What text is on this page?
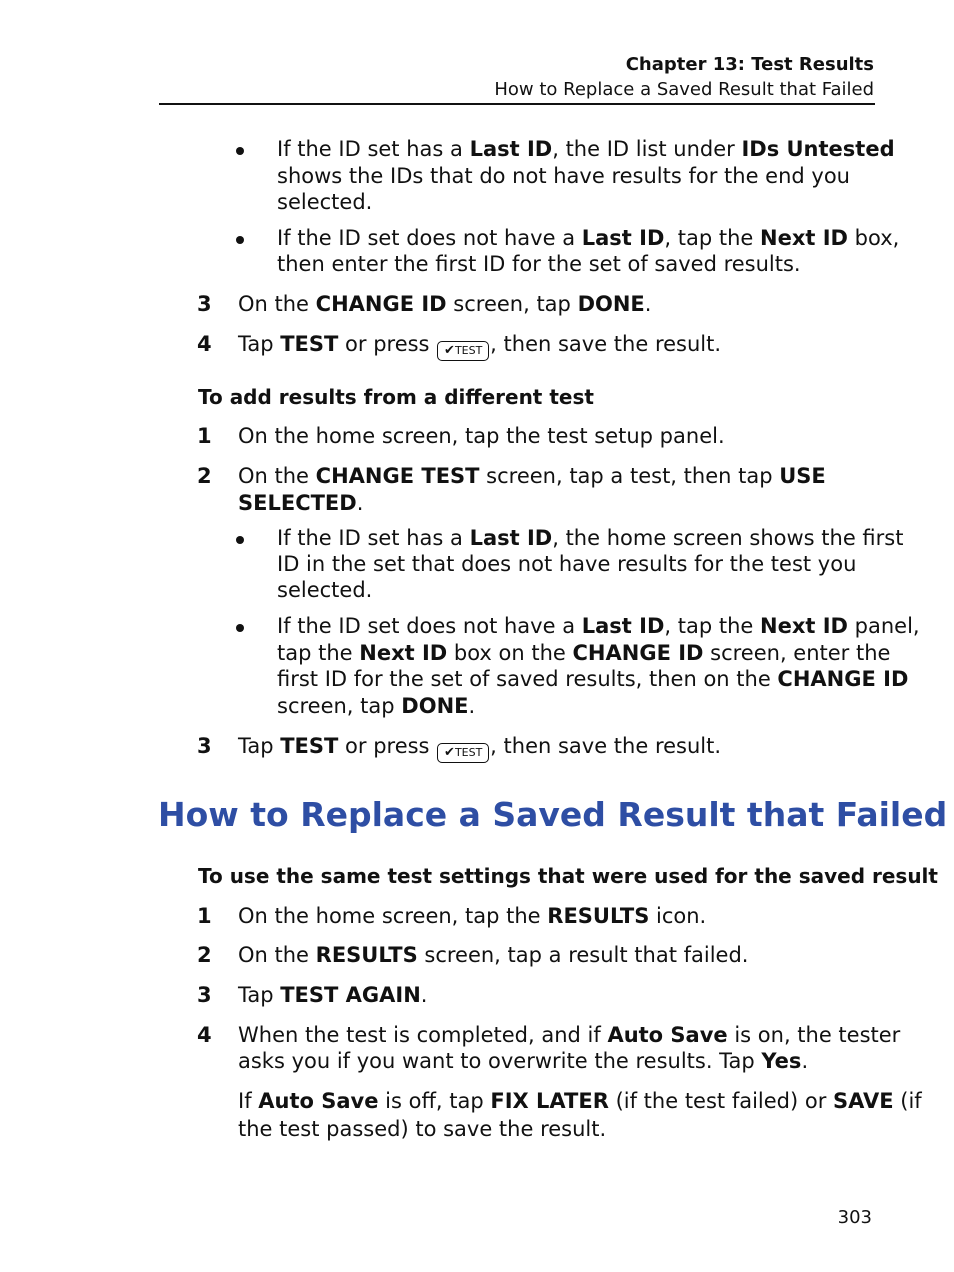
Chapter 13: Test Results
How to Replace a Saved Result that Failed
If the ID set has a Last ID, the ID list under IDs Untested
shows the IDs that do not have results for the end you
selected.
If the ID set does not have a Last ID, tap the Next ID box,
then enter the first ID for the set of saved results.
3 On the CHANGE ID screen, tap DONE.
4 Tap TEST or press ✔TEST , then save the result.
To add results from a different test
1 On the home screen, tap the test setup panel.
2 On the CHANGE TEST screen, tap a test, then tap USE
SELECTED.
If the ID set has a Last ID, the home screen shows the first
ID in the set that does not have results for the test you
selected.
If the ID set does not have a Last ID, tap the Next ID panel,
tap the Next ID box on the CHANGE ID screen, enter the
first ID for the set of saved results, then on the CHANGE ID
screen, tap DONE.
3 Tap TEST or press ✔TEST , then save the result.
To use the same test settings that were used for the saved result
1 On the home screen, tap the RESULTS icon.
2 On the RESULTS screen, tap a result that failed.
3 Tap TEST AGAIN.
4 When the test is completed, and if Auto Save is on, the tester
asks you if you want to overwrite the results. Tap Yes.
If Auto Save is off, tap FIX LATER (if the test failed) or SAVE (if
the test passed) to save the result.
How to Replace a Saved Result that Failed
303
